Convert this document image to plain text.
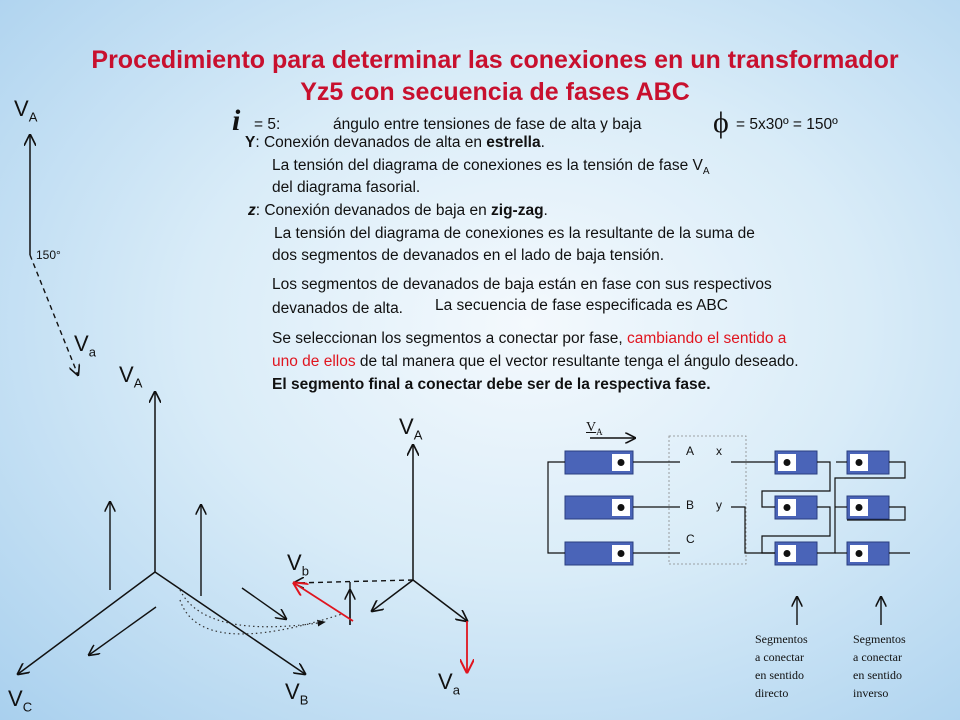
Procedimiento para determinar las conexiones en un transformador
Yz5 con secuencia de fases ABC
i = 5:	ángulo entre tensiones de fase de alta y baja ϕ = 5x30º = 150º
Y: Conexión devanados de alta en estrella.
La tensión del diagrama de conexiones es la tensión de fase $V_A$
del diagrama fasorial.
z: Conexión devanados de baja en zig-zag.
La tensión del diagrama de conexiones es la resultante de la suma de
dos segmentos de devanados en el lado de baja tensión.
Los segmentos de devanados de baja están en fase con sus respectivos
devanados de alta. La secuencia de fase especificada es ABC
Se seleccionan los segmentos a conectar por fase, cambiando el sentido a
uno de ellos de tal manera que el vector resultante tenga el ángulo deseado.
El segmento final a conectar debe ser de la respectiva fase.
$V_A$
150°
$V_a$
$V_A$
$V_B$
$V_C$
$V_A$
$V_b$
$V_a$
$V_A$
A x
B y
C
Segmentos
a conectar
en sentido
directo
Segmentos
a conectar
en sentido
inverso
